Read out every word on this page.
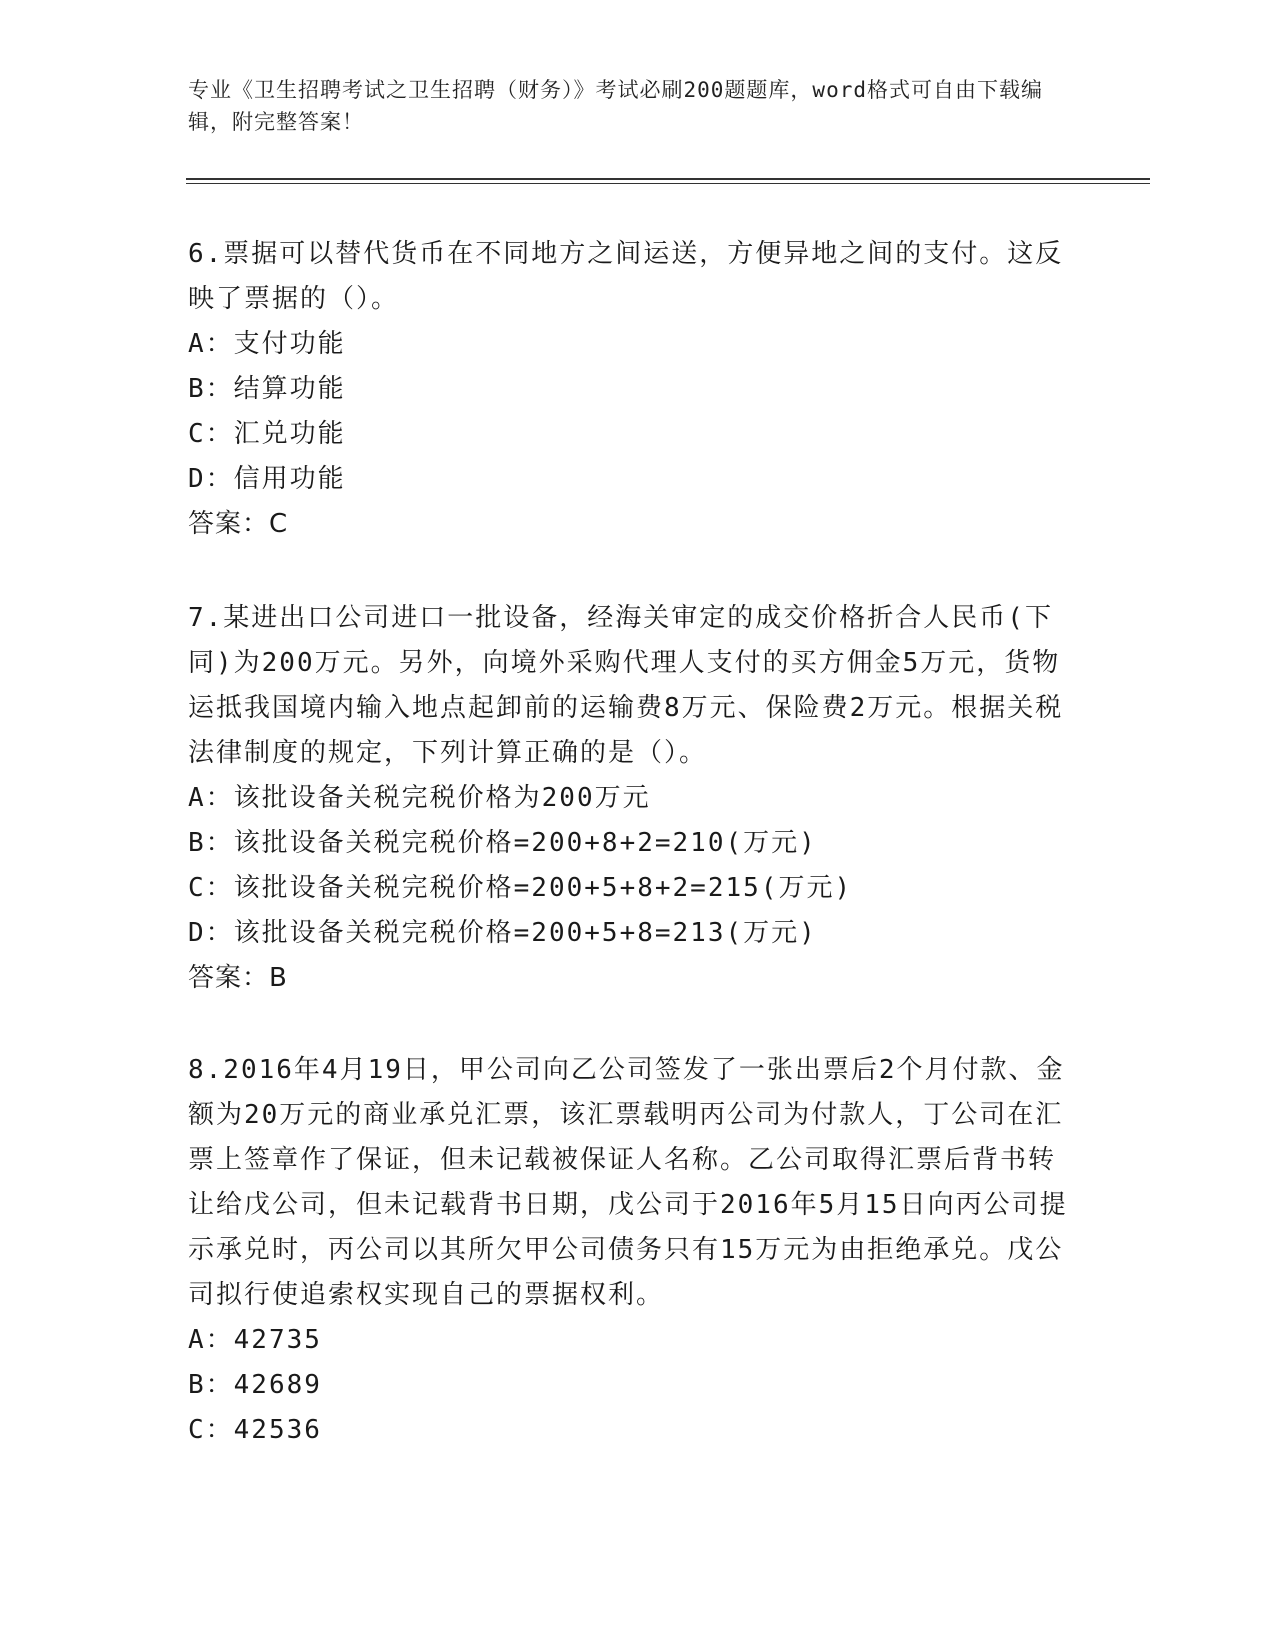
专业《卫生招聘考试之卫生招聘（财务）》考试必刷200题题库，word格式可自由下载编辑，附完整答案！

6.票据可以替代货币在不同地方之间运送，方便异地之间的支付。这反映了票据的（）。

A：支付功能

B：结算功能

C：汇兑功能

D：信用功能

答案：C

7.某进出口公司进口一批设备，经海关审定的成交价格折合人民币(下同)为200万元。另外，向境外采购代理人支付的买方佣金5万元，货物运抵我国境内输入地点起卸前的运输费8万元、保险费2万元。根据关税法律制度的规定，下列计算正确的是（）。

A：该批设备关税完税价格为200万元

B：该批设备关税完税价格=200+8+2=210(万元)

C：该批设备关税完税价格=200+5+8+2=215(万元)

D：该批设备关税完税价格=200+5+8=213(万元)

答案：B

8.2016年4月19日，甲公司向乙公司签发了一张出票后2个月付款、金额为20万元的商业承兑汇票，该汇票载明丙公司为付款人，丁公司在汇票上签章作了保证，但未记载被保证人名称。乙公司取得汇票后背书转让给戊公司，但未记载背书日期，戊公司于2016年5月15日向丙公司提示承兑时，丙公司以其所欠甲公司债务只有15万元为由拒绝承兑。戊公司拟行使追索权实现自己的票据权利。

A：42735

B：42689

C：42536
